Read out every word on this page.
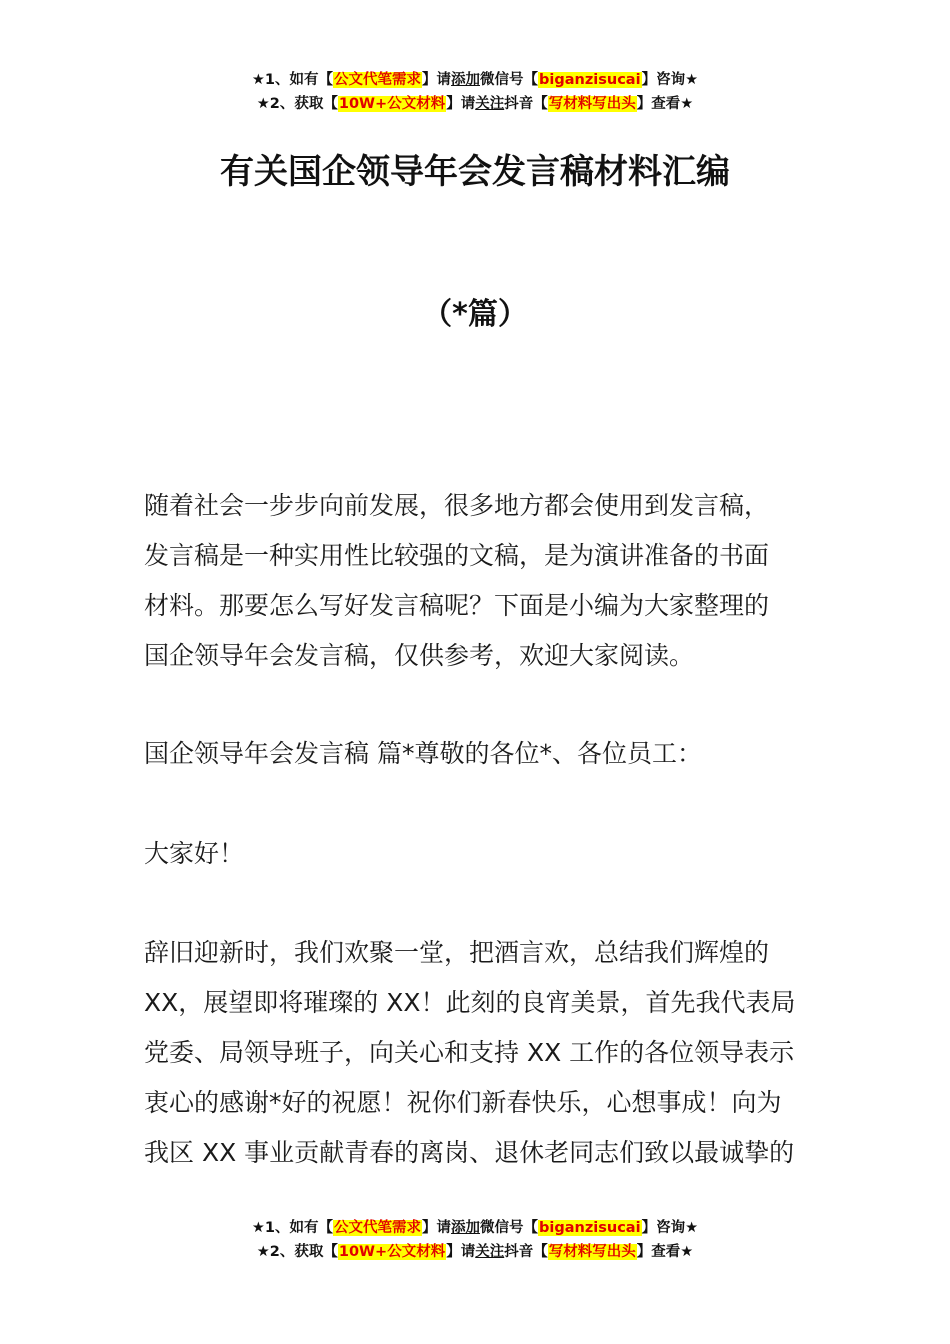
★1、如有【公文代笔需求】请添加微信号【biganzisucai】咨询★
★2、获取【10W+公文材料】请关注抖音【写材料写出头】查看★
有关国企领导年会发言稿材料汇编
（*篇）
随着社会一步步向前发展，很多地方都会使用到发言稿，
发言稿是一种实用性比较强的文稿，是为演讲准备的书面
材料。那要怎么写好发言稿呢？下面是小编为大家整理的
国企领导年会发言稿，仅供参考，欢迎大家阅读。
国企领导年会发言稿 篇*尊敬的各位*、各位员工：
大家好！
辞旧迎新时，我们欢聚一堂，把酒言欢，总结我们辉煌的
XX，展望即将璀璨的 XX！此刻的良宵美景，首先我代表局
党委、局领导班子，向关心和支持 XX 工作的各位领导表示
衷心的感谢*好的祝愿！祝你们新春快乐，心想事成！向为
我区 XX 事业贡献青春的离岗、退休老同志们致以最诚挚的
★1、如有【公文代笔需求】请添加微信号【biganzisucai】咨询★
★2、获取【10W+公文材料】请关注抖音【写材料写出头】查看★
